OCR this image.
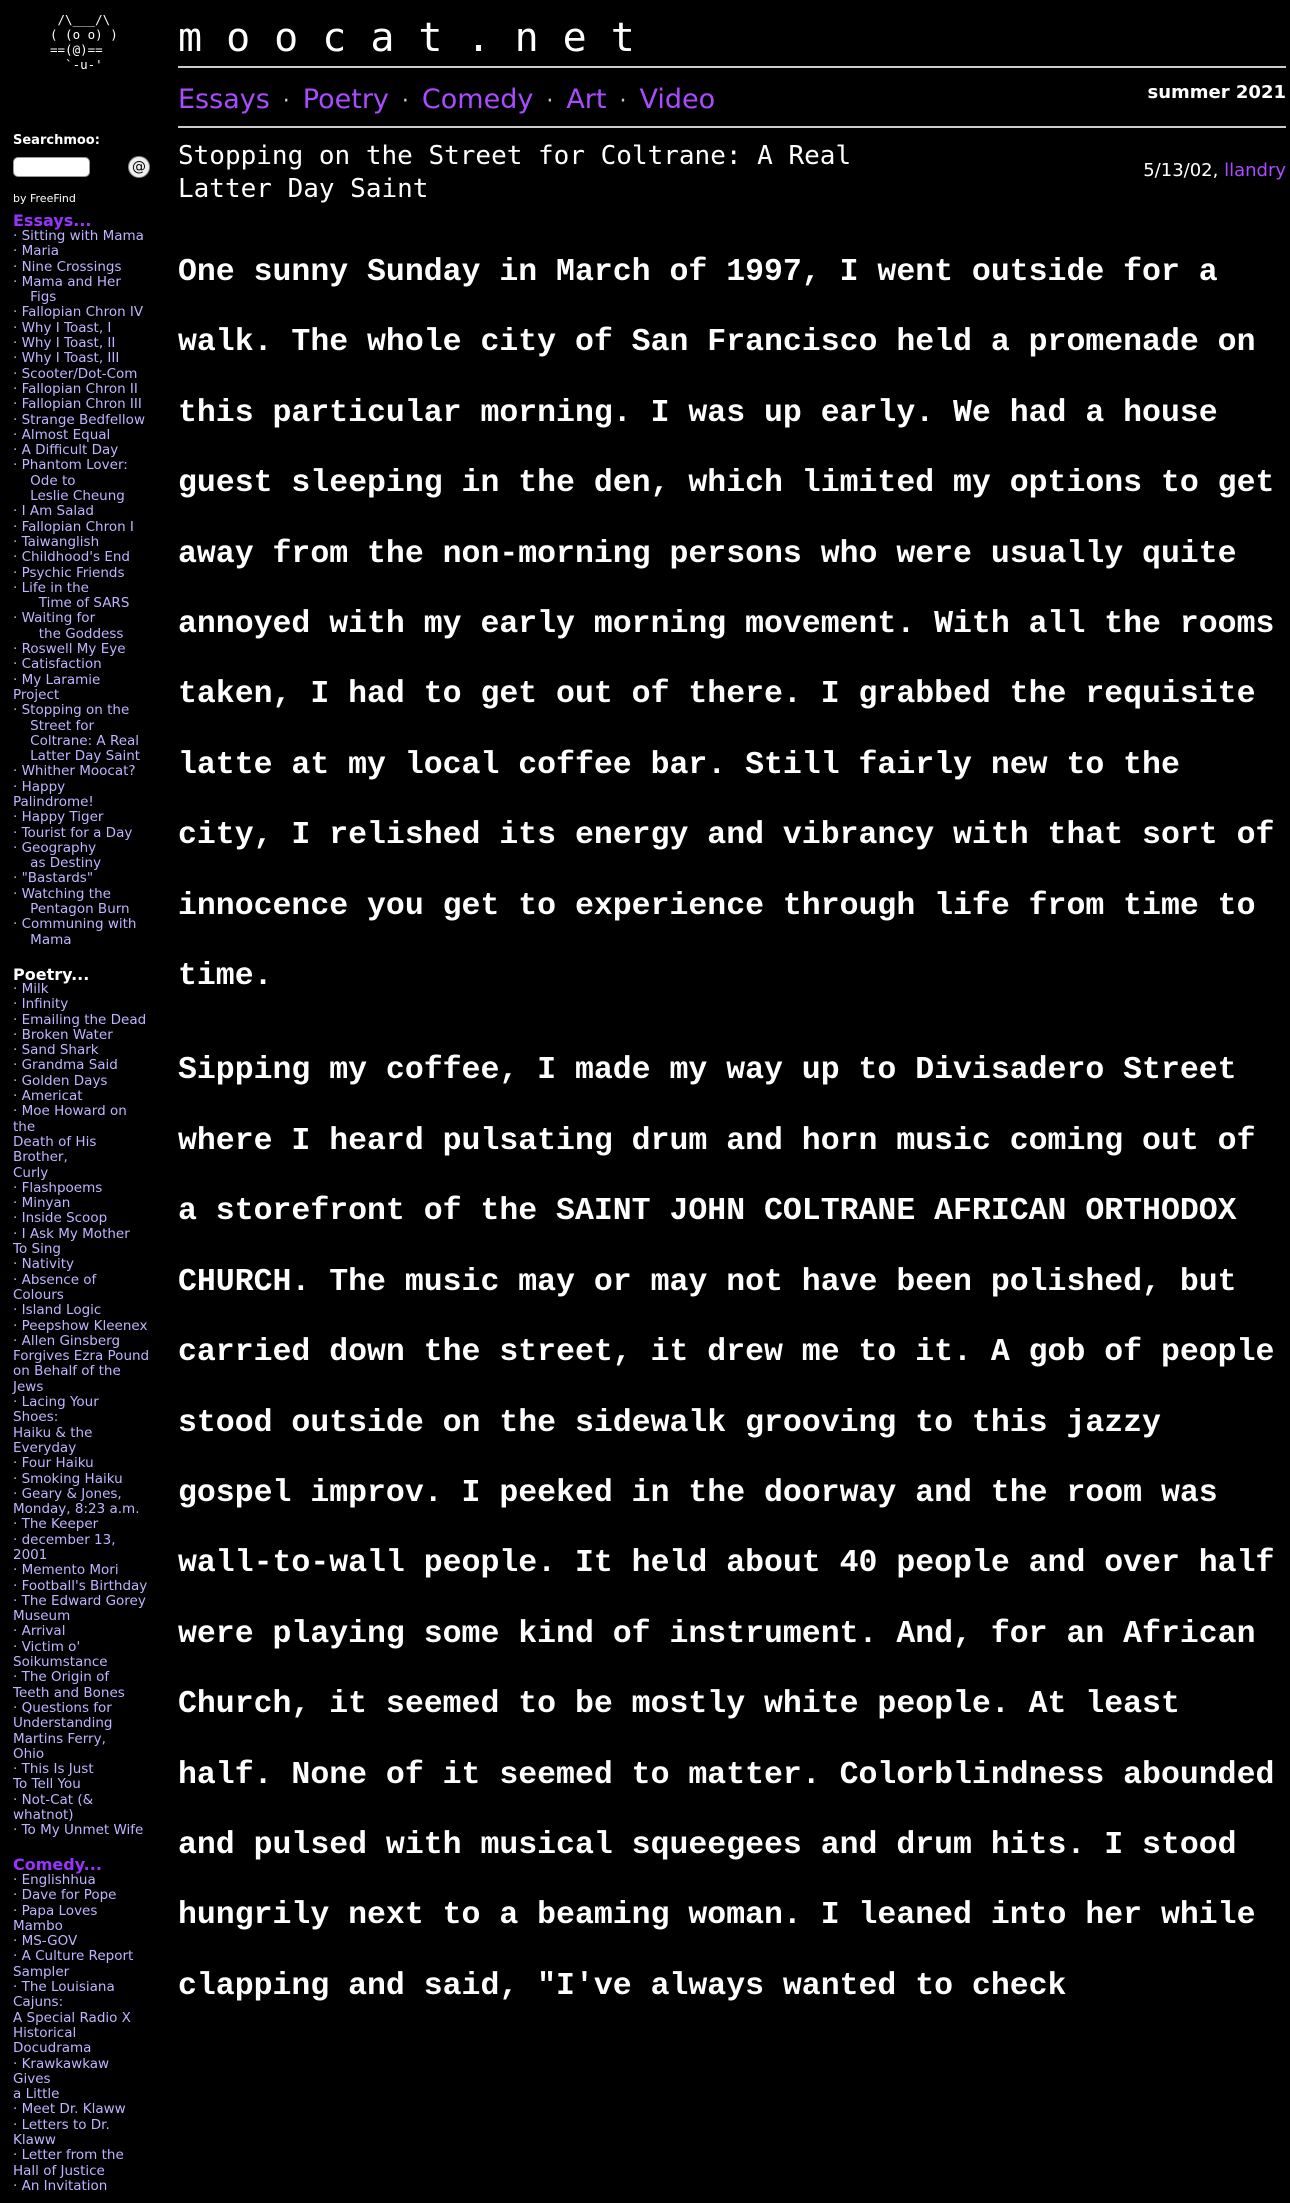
/\___/\
( (o o) )
==(@)==
`-u-'
Searchmoo:
@
by FreeFind
Essays...
· Sitting with Mama
· Maria
· Nine Crossings
· Mama and Her
Figs
· Fallopian Chron IV
· Why I Toast, I
· Why I Toast, II
· Why I Toast, III
· Scooter/Dot-Com
· Fallopian Chron II
· Fallopian Chron III
· Strange Bedfellow
· Almost Equal
· A Difficult Day
· Phantom Lover:
Ode to
Leslie Cheung
· I Am Salad
· Fallopian Chron I
· Taiwanglish
· Childhood's End
· Psychic Friends
· Life in the
Time of SARS
· Waiting for
the Goddess
· Roswell My Eye
· Catisfaction
· My Laramie
Project
· Stopping on the
Street for
Coltrane: A Real
Latter Day Saint
· Whither Moocat?
· Happy
Palindrome!
· Happy Tiger
· Tourist for a Day
· Geography
as Destiny
· "Bastards"
· Watching the
Pentagon Burn
· Communing with
Mama
Poetry...
· Milk
· Infinity
· Emailing the Dead
· Broken Water
· Sand Shark
· Grandma Said
· Golden Days
· Americat
· Moe Howard on
the
Death of His
Brother,
Curly
· Flashpoems
· Minyan
· Inside Scoop
· I Ask My Mother
To Sing
· Nativity
· Absence of
Colours
· Island Logic
· Peepshow Kleenex
· Allen Ginsberg
Forgives Ezra Pound
on Behalf of the
Jews
· Lacing Your
Shoes:
Haiku & the
Everyday
· Four Haiku
· Smoking Haiku
· Geary & Jones,
Monday, 8:23 a.m.
· The Keeper
· december 13,
2001
· Memento Mori
· Football's Birthday
· The Edward Gorey
Museum
· Arrival
· Victim o'
Soikumstance
· The Origin of
Teeth and Bones
· Questions for
Understanding
Martins Ferry,
Ohio
· This Is Just
To Tell You
· Not-Cat (&
whatnot)
· To My Unmet Wife
Comedy...
· Englishhua
· Dave for Pope
· Papa Loves
Mambo
· MS-GOV
· A Culture Report
Sampler
· The Louisiana
Cajuns:
A Special Radio X
Historical
Docudrama
· Krawkawkaw
Gives
a Little
· Meet Dr. Klaww
· Letters to Dr.
Klaww
· Letter from the
Hall of Justice
· An Invitation
moocat.net
Essays · Poetry · Comedy · Art · Video	summer 2021
Stopping on the Street for Coltrane: A Real Latter Day Saint
5/13/02, llandry

One sunny Sunday in March of 1997, I went outside for a walk. The whole city of San Francisco held a promenade on this particular morning. I was up early. We had a house guest sleeping in the den, which limited my options to get away from the non-morning persons who were usually quite annoyed with my early morning movement. With all the rooms taken, I had to get out of there. I grabbed the requisite latte at my local coffee bar. Still fairly new to the city, I relished its energy and vibrancy with that sort of innocence you get to experience through life from time to time.

Sipping my coffee, I made my way up to Divisadero Street where I heard pulsating drum and horn music coming out of a storefront of the SAINT JOHN COLTRANE AFRICAN ORTHODOX CHURCH. The music may or may not have been polished, but carried down the street, it drew me to it. A gob of people stood outside on the sidewalk grooving to this jazzy gospel improv. I peeked in the doorway and the room was wall-to-wall people. It held about 40 people and over half were playing some kind of instrument. And, for an African Church, it seemed to be mostly white people. At least half. None of it seemed to matter. Colorblindness abounded and pulsed with musical squeegees and drum hits. I stood hungrily next to a beaming woman. I leaned into her while clapping and said, "I've always wanted to check
